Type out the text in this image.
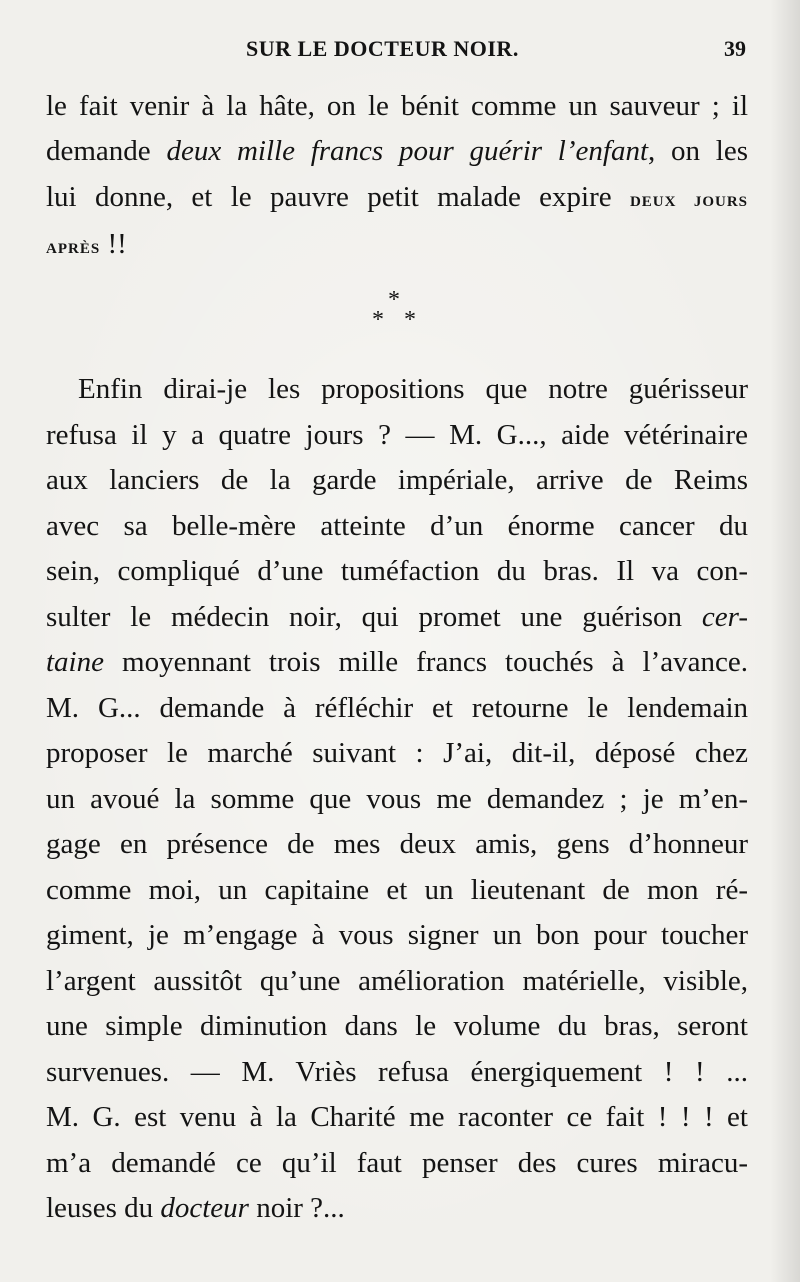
SUR LE DOCTEUR NOIR.	39
le fait venir à la hâte, on le bénit comme un sauveur ; il
demande deux mille francs pour guérir l’enfant, on les
lui donne, et le pauvre petit malade expire deux jours
après !!
*
* *
Enfin dirai-je les propositions que notre guérisseur
refusa il y a quatre jours ? — M. G..., aide vétérinaire
aux lanciers de la garde impériale, arrive de Reims
avec sa belle-mère atteinte d’un énorme cancer du
sein, compliqué d’une tuméfaction du bras. Il va con-
sulter le médecin noir, qui promet une guérison cer-
taine moyennant trois mille francs touchés à l’avance.
M. G... demande à réfléchir et retourne le lendemain
proposer le marché suivant : J’ai, dit-il, déposé chez
un avoué la somme que vous me demandez ; je m’en-
gage en présence de mes deux amis, gens d’honneur
comme moi, un capitaine et un lieutenant de mon ré-
giment, je m’engage à vous signer un bon pour toucher
l’argent aussitôt qu’une amélioration matérielle, visible,
une simple diminution dans le volume du bras, seront
survenues. — M. Vriès refusa énergiquement ! ! ...
M. G. est venu à la Charité me raconter ce fait ! ! ! et
m’a demandé ce qu’il faut penser des cures miracu-
leuses du docteur noir ?...
